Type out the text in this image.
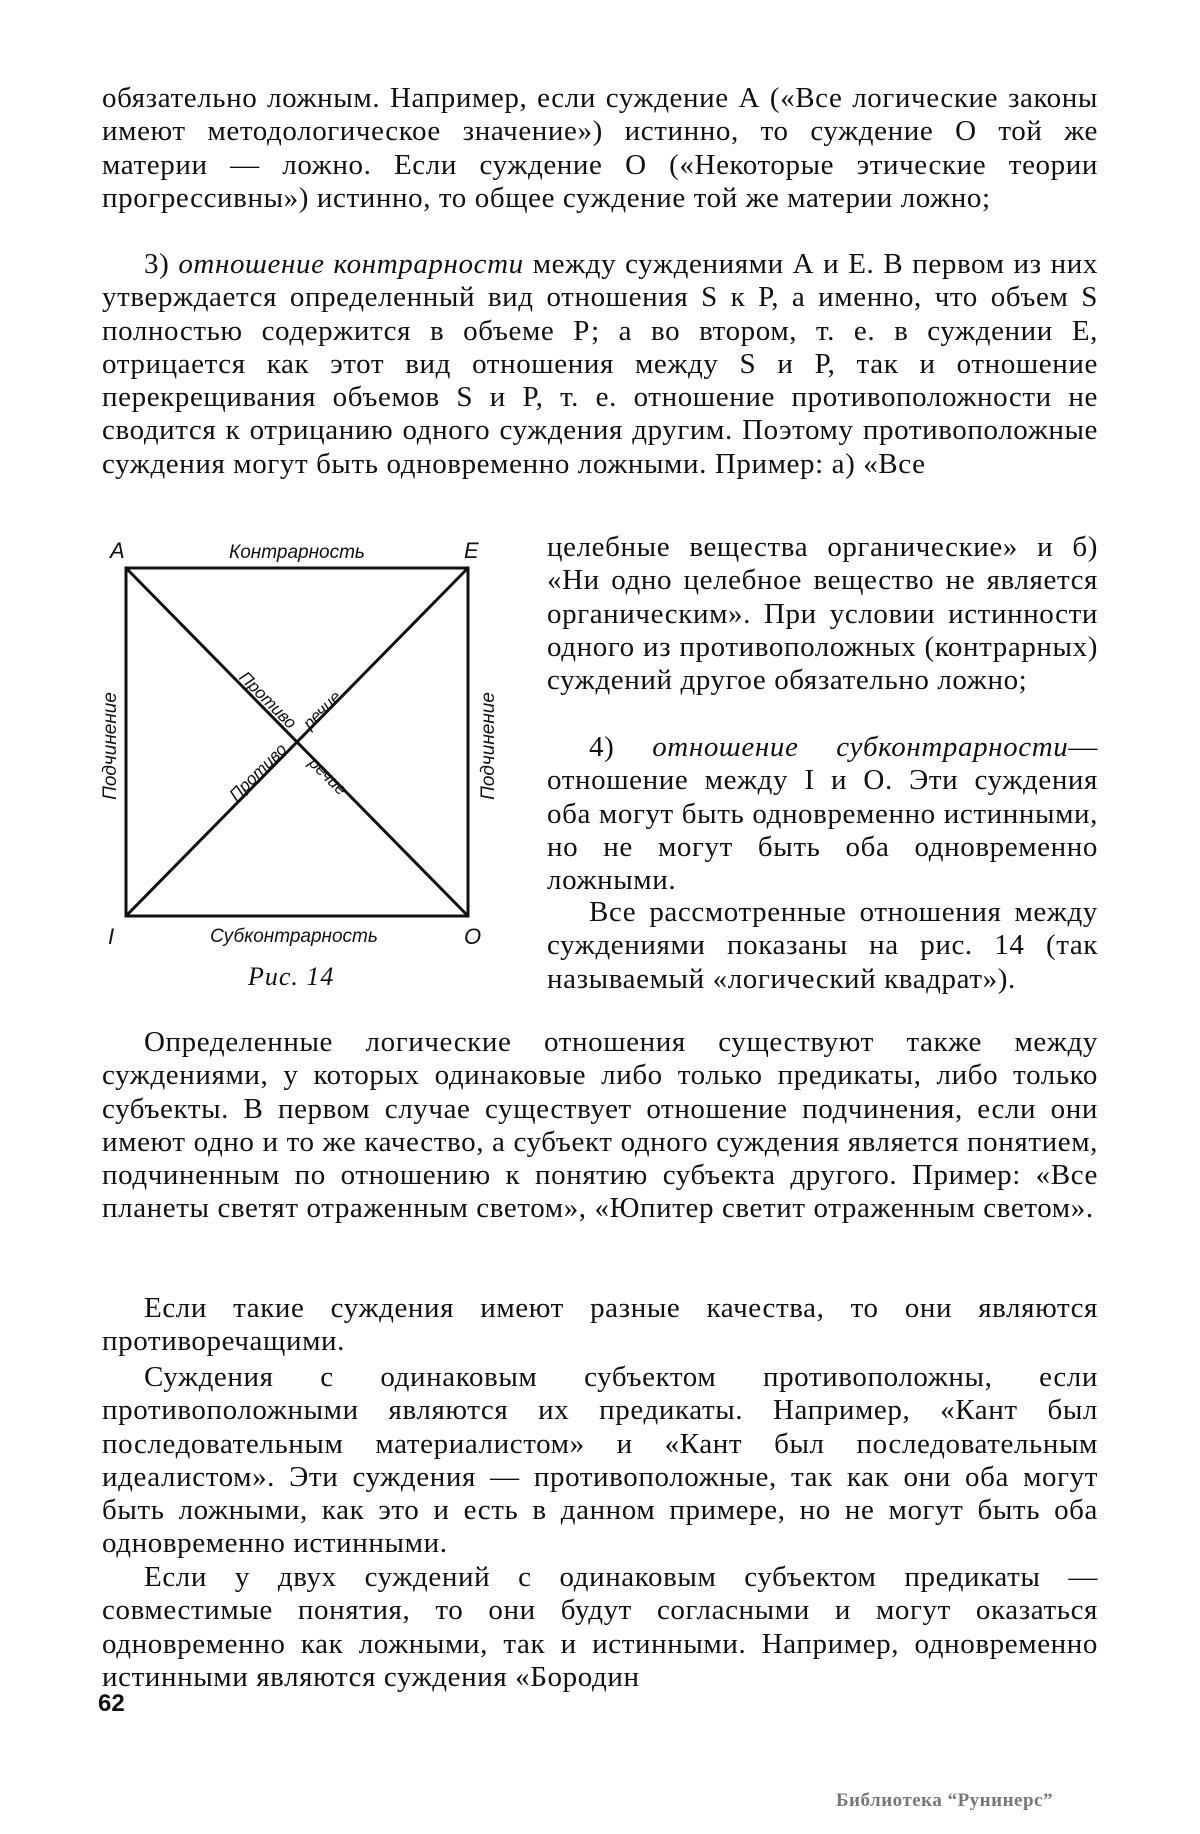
обязательно ложным. Например, если суждение А («Все логические законы имеют методологическое значение») истинно, то суждение О той же материи — ложно. Если суждение О («Некоторые этические теории прогрессивны») истинно, то общее суждение той же материи ложно;

3) отношение контрарности между суждениями А и Е. В первом из них утверждается определенный вид отношения S к Р, а именно, что объем S полностью содержится в объеме Р; а во втором, т. е. в суждении Е, отрицается как этот вид отношения между S и Р, так и отношение перекрещивания объемов S и Р, т. е. отношение противоположности не сводится к отрицанию одного суждения другим. Поэтому противоположные суждения могут быть одновременно ложными. Пример: а) «Все

целебные вещества органические» и б) «Ни одно целебное вещество не является органическим». При условии истинности одного из противоположных (контрарных) суждений другое обязательно ложно;

4) отношение субконтрарности— отношение между I и О. Эти суждения оба могут быть одновременно истинными, но не могут быть оба одновременно ложными.

Все рассмотренные отношения между суждениями показаны на рис. 14 (так называемый «логический квадрат»).

А	Е
I	О
Контрарность
Субконтрарность
Подчинение	Подчинение
Противо
речие
Противо речие
Рис. 14

Определенные логические отношения существуют также между суждениями, у которых одинаковые либо только предикаты, либо только субъекты. В первом случае существует отношение подчинения, если они имеют одно и то же качество, а субъект одного суждения является понятием, подчиненным по отношению к понятию субъекта другого. Пример: «Все планеты светят отраженным светом», «Юпитер светит отраженным светом».

Если такие суждения имеют разные качества, то они являются противоречащими.

Суждения с одинаковым субъектом противоположны, если противоположными являются их предикаты. Например, «Кант был последовательным материалистом» и «Кант был последовательным идеалистом». Эти суждения — противоположные, так как они оба могут быть ложными, как это и есть в данном примере, но не могут быть оба одновременно истинными.

Если у двух суждений с одинаковым субъектом предикаты — совместимые понятия, то они будут согласными и могут оказаться одновременно как ложными, так и истинными. Например, одновременно истинными являются суждения «Бородин

62
Библиотека “Рунинерс”
